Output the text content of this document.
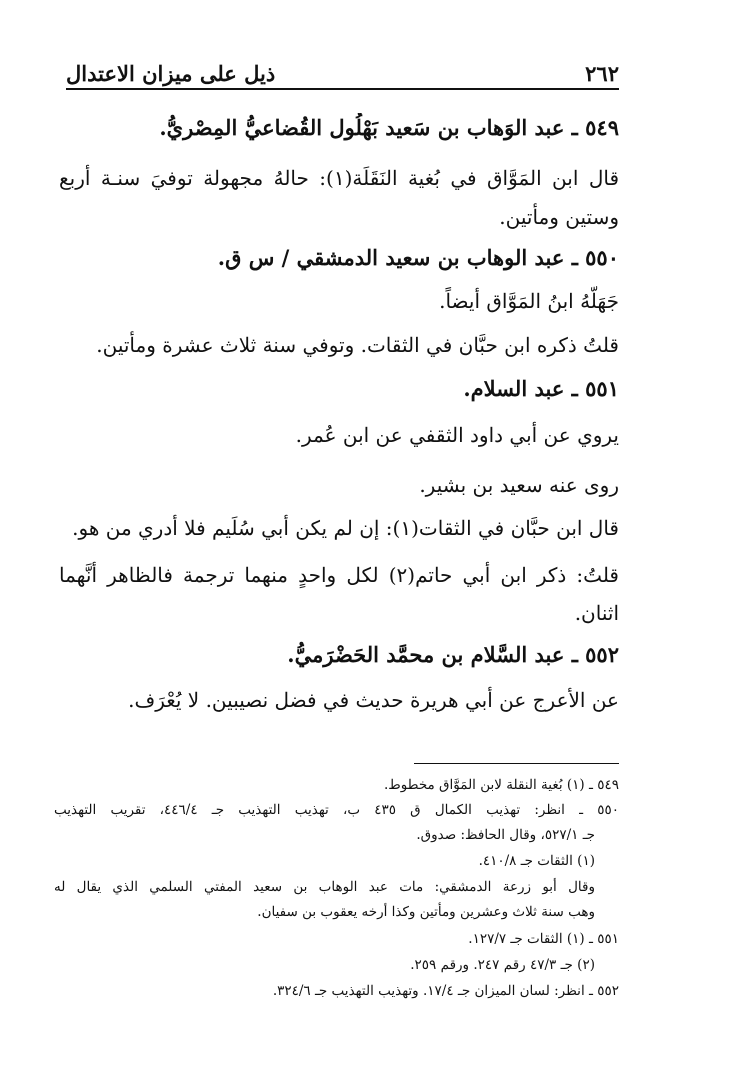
٢٦٢
ذيل على ميزان الاعتدال
٥٤٩ ـ عبد الوَهاب بن سَعيد بَهْلُول القُضاعيُّ المِصْريُّ.
قال ابن المَوَّاق في بُغية النَقَلَة(١): حالهُ مجهولة توفيَ سنـة أربع
وستين ومأتين.
٥٥٠ ـ عبد الوهاب بن سعيد الدمشقي / س ق.
جَهَلَّهُ ابنُ المَوَّاق أيضاً.
قلتُ ذكره ابن حبَّان في الثقات. وتوفي سنة ثلاث عشرة ومأتين.
٥٥١ ـ عبد السلام.
يروي عن أبي داود الثقفي عن ابن عُمر.
روى عنه سعيد بن بشير.
قال ابن حبَّان في الثقات(١): إن لم يكن أبي سُلَيم فلا أدري من هو.
قلتُ: ذكر ابن أبي حاتم(٢) لكل واحدٍ منهما ترجمة فالظاهر أنَّهما
اثنان.
٥٥٢ ـ عبد السَّلام بن محمَّد الحَضْرَميُّ.
عن الأعرج عن أبي هريرة حديث في فضل نصيبين. لا يُعْرَف.
٥٤٩ ـ (١) بُغية النقلة لابن المَوَّاق مخطوط.
٥٥٠ ـ انظر: تهذيب الكمال ق ٤٣٥ ب، تهذيب التهذيب جـ ٤٤٦/٤، تقريب التهذيب
جـ ٥٢٧/١، وقال الحافظ: صدوق.
(١) الثقات جـ ٤١٠/٨.
وقال أبو زرعة الدمشقي: مات عبد الوهاب بن سعيد المفتي السلمي الذي يقال له
وهب سنة ثلاث وعشرين ومأتين وكذا أرخه يعقوب بن سفيان.
٥٥١ ـ (١) الثقات جـ ١٢٧/٧.
(٢) جـ ٤٧/٣ رقم ٢٤٧. ورقم ٢٥٩.
٥٥٢ ـ انظر: لسان الميزان جـ ١٧/٤. وتهذيب التهذيب جـ ٣٢٤/٦.
